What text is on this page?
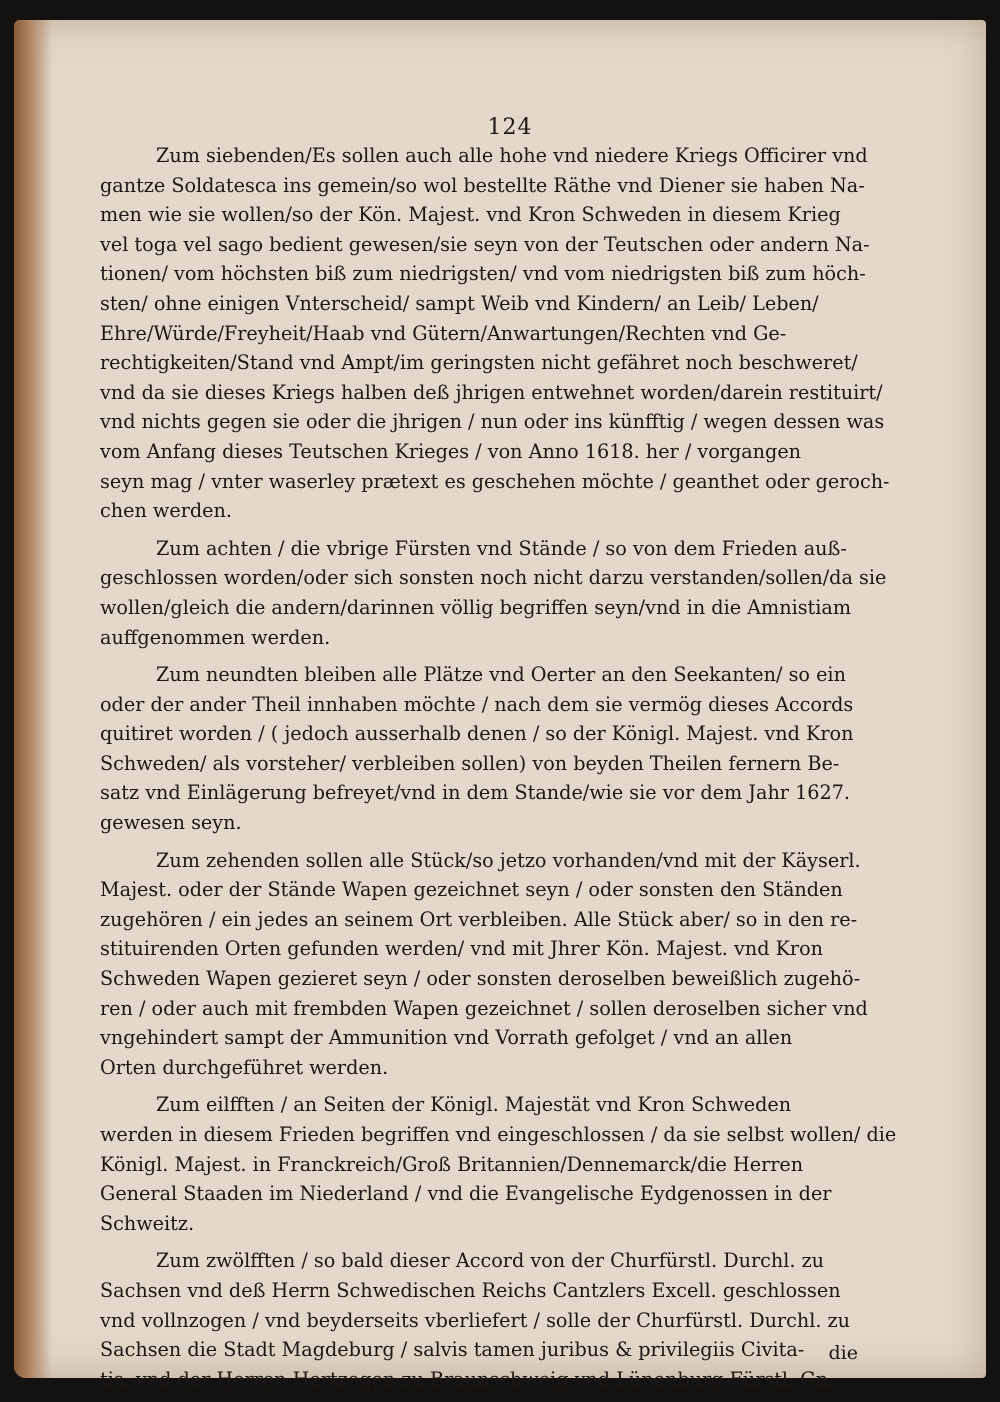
124
Zum siebenden/Es sollen auch alle hohe vnd niedere Kriegs Officirer vnd
gantze Soldatesca ins gemein/so wol bestellte Räthe vnd Diener sie haben Na-
men wie sie wollen/so der Kön. Majest. vnd Kron Schweden in diesem Krieg
vel toga vel sago bedient gewesen/sie seyn von der Teutschen oder andern Na-
tionen/ vom höchsten biß zum niedrigsten/ vnd vom niedrigsten biß zum höch-
sten/ ohne einigen Vnterscheid/ sampt Weib vnd Kindern/ an Leib/ Leben/
Ehre/Würde/Freyheit/Haab vnd Gütern/Anwartungen/Rechten vnd Ge-
rechtigkeiten/Stand vnd Ampt/im geringsten nicht gefähret noch beschweret/
vnd da sie dieses Kriegs halben deß jhrigen entwehnet worden/darein restituirt/
vnd nichts gegen sie oder die jhrigen / nun oder ins künfftig / wegen dessen was
vom Anfang dieses Teutschen Krieges / von Anno 1618. her / vorgangen
seyn mag / vnter waserley prætext es geschehen möchte / geanthet oder geroch-
chen werden.
Zum achten / die vbrige Fürsten vnd Stände / so von dem Frieden auß-
geschlossen worden/oder sich sonsten noch nicht darzu verstanden/sollen/da sie
wollen/gleich die andern/darinnen völlig begriffen seyn/vnd in die Amnistiam
auffgenommen werden.
Zum neundten bleiben alle Plätze vnd Oerter an den Seekanten/ so ein
oder der ander Theil innhaben möchte / nach dem sie vermög dieses Accords
quitiret worden / ( jedoch ausserhalb denen / so der Königl. Majest. vnd Kron
Schweden/ als vorsteher/ verbleiben sollen) von beyden Theilen fernern Be-
satz vnd Einlägerung befreyet/vnd in dem Stande/wie sie vor dem Jahr 1627.
gewesen seyn.
Zum zehenden sollen alle Stück/so jetzo vorhanden/vnd mit der Käyserl.
Majest. oder der Stände Wapen gezeichnet seyn / oder sonsten den Ständen
zugehören / ein jedes an seinem Ort verbleiben. Alle Stück aber/ so in den re-
stituirenden Orten gefunden werden/ vnd mit Jhrer Kön. Majest. vnd Kron
Schweden Wapen gezieret seyn / oder sonsten deroselben beweißlich zugehö-
ren / oder auch mit frembden Wapen gezeichnet / sollen deroselben sicher vnd
vngehindert sampt der Ammunition vnd Vorrath gefolget / vnd an allen
Orten durchgeführet werden.
Zum eilfften / an Seiten der Königl. Majestät vnd Kron Schweden
werden in diesem Frieden begriffen vnd eingeschlossen / da sie selbst wollen/ die
Königl. Majest. in Franckreich/Groß Britannien/Dennemarck/die Herren
General Staaden im Niederland / vnd die Evangelische Eydgenossen in der
Schweitz.
Zum zwölfften / so bald dieser Accord von der Churfürstl. Durchl. zu
Sachsen vnd deß Herrn Schwedischen Reichs Cantzlers Excell. geschlossen
vnd vollnzogen / vnd beyderseits vberliefert / solle der Churfürstl. Durchl. zu
Sachsen die Stadt Magdeburg / salvis tamen juribus & privilegiis Civita-
tis, vnd der Herren Hertzogen zu Braunschweig vnd Lünenburg Fürstl. Gn.
die
